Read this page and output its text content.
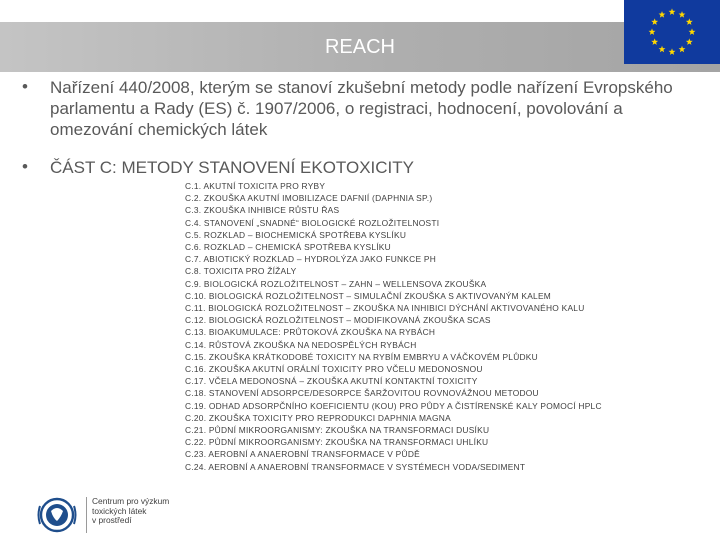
REACH
• Nařízení 440/2008, kterým se stanoví zkušební metody podle nařízení Evropského parlamentu a Rady (ES) č. 1907/2006, o registraci, hodnocení, povolování a omezování chemických látek
• ČÁST C: METODY STANOVENÍ EKOTOXICITY
C.1. AKUTNÍ TOXICITA PRO RYBY
C.2. ZKOUŠKA AKUTNÍ IMOBILIZACE DAFNIÍ (DAPHNIA SP.)
C.3. ZKOUŠKA INHIBICE RŮSTU ŘAS
C.4. STANOVENÍ „SNADNÉ“ BIOLOGICKÉ ROZLOŽITELNOSTI
C.5. ROZKLAD – BIOCHEMICKÁ SPOTŘEBA KYSLÍKU
C.6. ROZKLAD – CHEMICKÁ SPOTŘEBA KYSLÍKU
C.7. ABIOTICKÝ ROZKLAD – HYDROLÝZA JAKO FUNKCE PH
C.8. TOXICITA PRO ŽÍŽALY
C.9. BIOLOGICKÁ ROZLOŽITELNOST – ZAHN – WELLENSOVA ZKOUŠKA
C.10. BIOLOGICKÁ ROZLOŽITELNOST – SIMULAČNÍ ZKOUŠKA S AKTIVOVANÝM KALEM
C.11. BIOLOGICKÁ ROZLOŽITELNOST – ZKOUŠKA NA INHIBICI DÝCHÁNÍ AKTIVOVANÉHO KALU
C.12. BIOLOGICKÁ ROZLOŽITELNOST – MODIFIKOVANÁ ZKOUŠKA SCAS
C.13. BIOAKUMULACE: PRŮTOKOVÁ ZKOUŠKA NA RYBÁCH
C.14. RŮSTOVÁ ZKOUŠKA NA NEDOSPĚLÝCH RYBÁCH
C.15. ZKOUŠKA KRÁTKODOBÉ TOXICITY NA RYBÍM EMBRYU A VÁČKOVÉM PLŮDKU
C.16. ZKOUŠKA AKUTNÍ ORÁLNÍ TOXICITY PRO VČELU MEDONOSNOU
C.17. VČELA MEDONOSNÁ – ZKOUŠKA AKUTNÍ KONTAKTNÍ TOXICITY
C.18. STANOVENÍ ADSORPCE/DESORPCE ŠARŽOVITOU ROVNOVÁŽNOU METODOU
C.19. ODHAD ADSORPČNÍHO KOEFICIENTU (KOU) PRO PŮDY A ČISTÍRENSKÉ KALY POMOCÍ HPLC
C.20. ZKOUŠKA TOXICITY PRO REPRODUKCI DAPHNIA MAGNA
C.21. PŮDNÍ MIKROORGANISMY: ZKOUŠKA NA TRANSFORMACI DUSÍKU
C.22. PŮDNÍ MIKROORGANISMY: ZKOUŠKA NA TRANSFORMACI UHLÍKU
C.23. AEROBNÍ A ANAEROBNÍ TRANSFORMACE V PŮDĚ
C.24. AEROBNÍ A ANAEROBNÍ TRANSFORMACE V SYSTÉMECH VODA/SEDIMENT
Centrum pro výzkum
toxických látek
v prostředí
